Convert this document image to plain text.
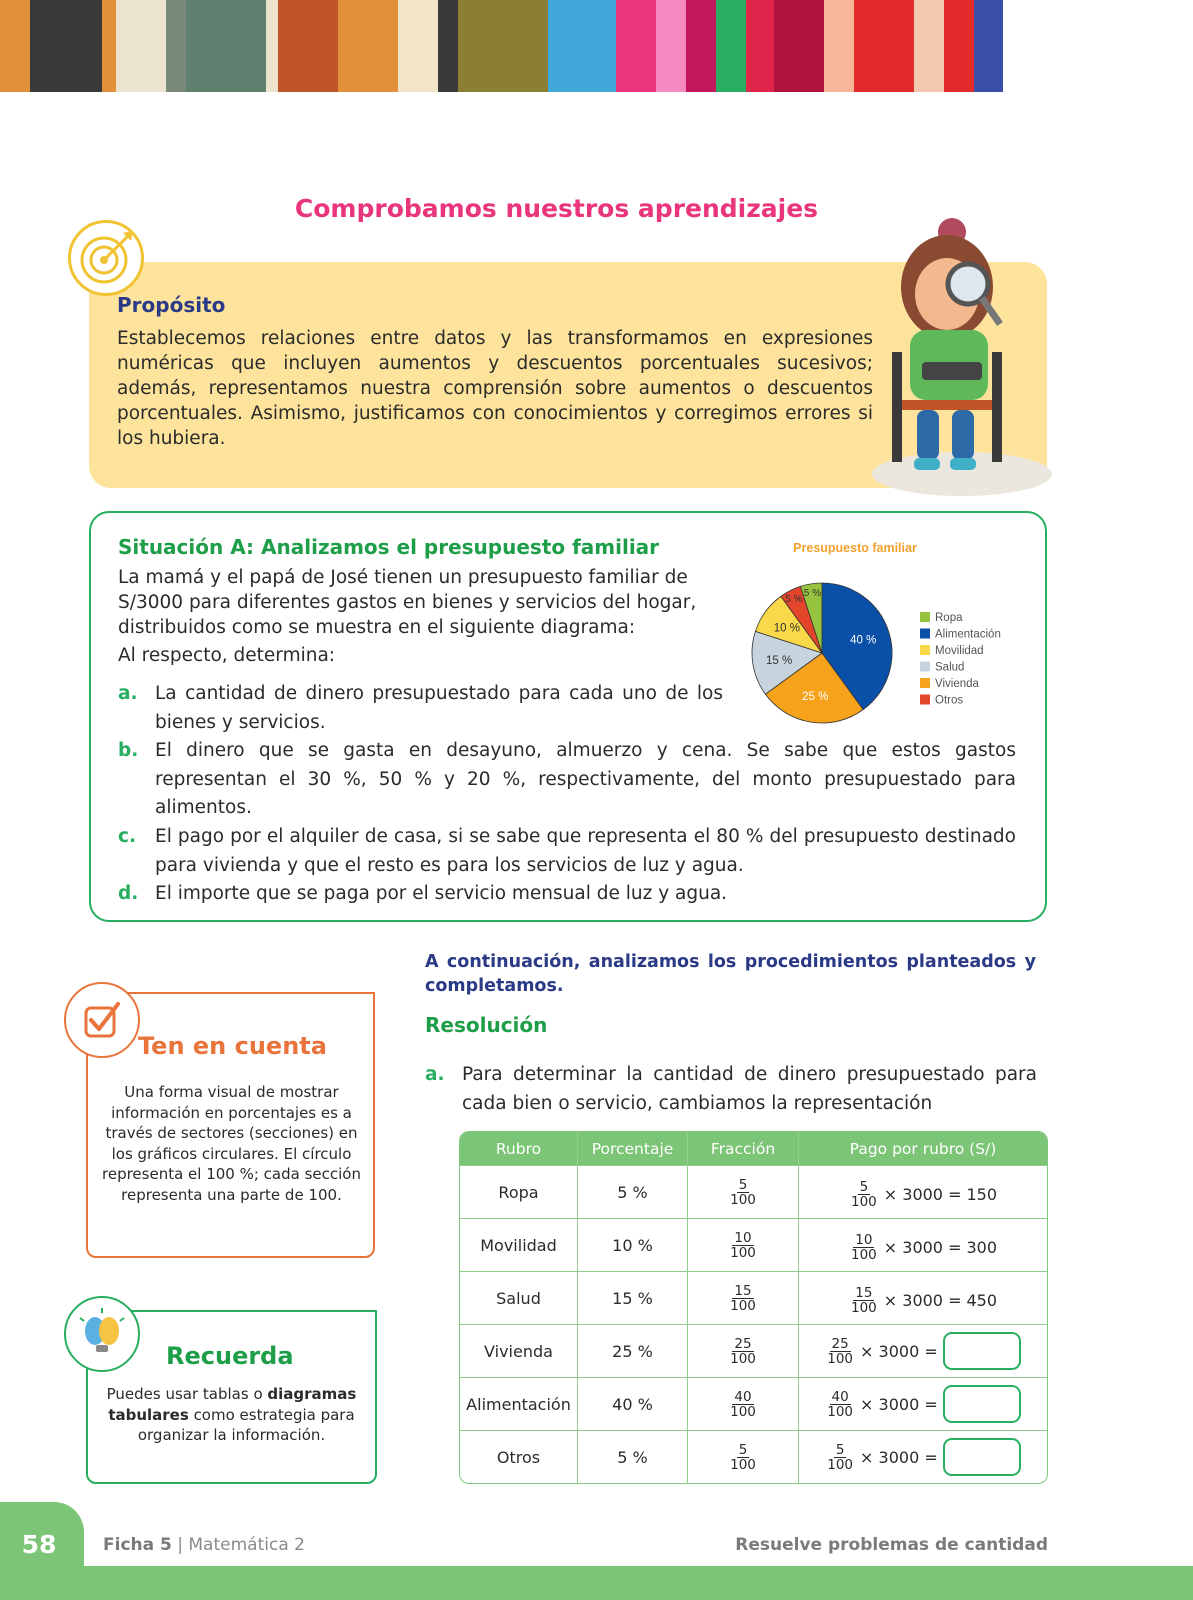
Comprobamos nuestros aprendizajes
Propósito

Establecemos relaciones entre datos y las transformamos en expresiones numéricas que incluyen aumentos y descuentos porcentuales sucesivos; además, representamos nuestra comprensión sobre aumentos o descuentos porcentuales. Asimismo, justificamos con conocimientos y corregimos errores si los hubiera.

Situación A: Analizamos el presupuesto familiar
La mamá y el papá de José tienen un presupuesto familiar de S/3000 para diferentes gastos en bienes y servicios del hogar, distribuidos como se muestra en el siguiente diagrama:
Al respecto, determina:
a. La cantidad de dinero presupuestado para cada uno de los bienes y servicios.
b. El dinero que se gasta en desayuno, almuerzo y cena. Se sabe que estos gastos representan el 30 %, 50 % y 20 %, respectivamente, del monto presupuestado para alimentos.
c. El pago por el alquiler de casa, si se sabe que representa el 80 % del presupuesto destinado para vivienda y que el resto es para los servicios de luz y agua.
d. El importe que se paga por el servicio mensual de luz y agua.
Presupuesto familiar
40 %
25 %
15 %
10 %
5 %
5 %
Ropa
Alimentación
Movilidad
Salud
Vivienda
Otros
Ten en cuenta

Una forma visual de mostrar información en porcentajes es a través de sectores (secciones) en los gráficos circulares. El círculo representa el 100 %; cada sección representa una parte de 100.

Recuerda

Puedes usar tablas o diagramas tabulares como estrategia para organizar la información.

A continuación, analizamos los procedimientos planteados y completamos.
Resolución
a. Para determinar la cantidad de dinero presupuestado para cada bien o servicio, cambiamos la representación
Rubro	Porcentaje	Fracción	Pago por rubro (S/)
Ropa	5 %	$\frac{5}{100}$	$\frac{5}{100} \times 3000 = 150$

Movilidad	10 %	$\frac{10}{100}$	$\frac{10}{100} \times 3000 = 300$

Salud	15 %	$\frac{15}{100}$	$\frac{15}{100} \times 3000 = 450$

Vivienda	25 %	$\frac{25}{100}$	$\frac{25}{100} \times 3000$ =

Alimentación	40 %	$\frac{40}{100}$	$\frac{40}{100} \times 3000$ =

Otros	5 %	$\frac{5}{100}$	$\frac{5}{100} \times 3000$ =
58	Ficha 5 | Matemática 2	Resuelve problemas de cantidad
